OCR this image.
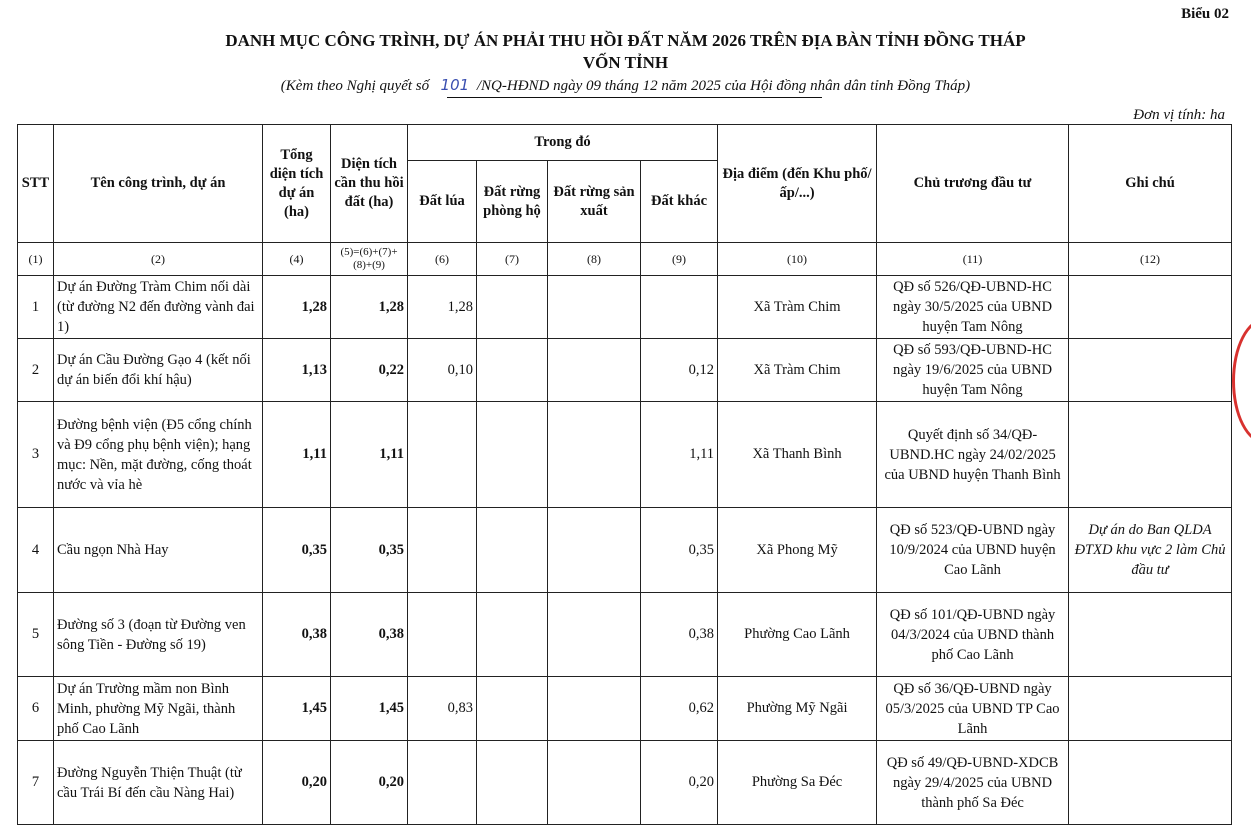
Biểu 02
DANH MỤC CÔNG TRÌNH, DỰ ÁN PHẢI THU HỒI ĐẤT NĂM 2026 TRÊN ĐỊA BÀN TỈNH ĐỒNG THÁP
VỐN TỈNH
(Kèm theo Nghị quyết số 101 /NQ-HĐND ngày 09 tháng 12 năm 2025 của Hội đồng nhân dân tỉnh Đồng Tháp)
Đơn vị tính: ha
STT	Tên công trình, dự án	Tổng diện tích dự án (ha)	Diện tích cần thu hồi đất (ha)	Trong đó				Địa điểm (đến Khu phố/ấp/...)	Chủ trương đầu tư	Ghi chú
				Đất lúa	Đất rừng phòng hộ	Đất rừng sản xuất	Đất khác			
(1)	(2)	(4)	(5)=(6)+(7)+(8)+(9)	(6)	(7)	(8)	(9)	(10)	(11)	(12)
1	Dự án Đường Tràm Chim nối dài (từ đường N2 đến đường vành đai 1)	1,28	1,28	1,28				Xã Tràm Chim	QĐ số 526/QĐ-UBND-HC ngày 30/5/2025 của UBND huyện Tam Nông	
2	Dự án Cầu Đường Gạo 4 (kết nối dự án biến đổi khí hậu)	1,13	0,22	0,10			0,12	Xã Tràm Chim	QĐ số 593/QĐ-UBND-HC ngày 19/6/2025 của UBND huyện Tam Nông	
3	Đường bệnh viện (Đ5 cổng chính và Đ9 cổng phụ bệnh viện); hạng mục: Nền, mặt đường, cống thoát nước và vỉa hè	1,11	1,11				1,11	Xã Thanh Bình	Quyết định số 34/QĐ-UBND.HC ngày 24/02/2025 của UBND huyện Thanh Bình	
4	Cầu ngọn Nhà Hay	0,35	0,35				0,35	Xã Phong Mỹ	QĐ số 523/QĐ-UBND ngày 10/9/2024 của UBND huyện Cao Lãnh	Dự án do Ban QLDA ĐTXD khu vực 2 làm Chủ đầu tư
5	Đường số 3 (đoạn từ Đường ven sông Tiền - Đường số 19)	0,38	0,38				0,38	Phường Cao Lãnh	QĐ số 101/QĐ-UBND ngày 04/3/2024 của UBND thành phố Cao Lãnh	
6	Dự án Trường mầm non Bình Minh, phường Mỹ Ngãi, thành phố Cao Lãnh	1,45	1,45	0,83			0,62	Phường Mỹ Ngãi	QĐ số 36/QĐ-UBND ngày 05/3/2025 của UBND TP Cao Lãnh	
7	Đường Nguyễn Thiện Thuật (từ cầu Trái Bí đến cầu Nàng Hai)	0,20	0,20				0,20	Phường Sa Đéc	QĐ số 49/QĐ-UBND-XDCB ngày 29/4/2025 của UBND thành phố Sa Đéc	
